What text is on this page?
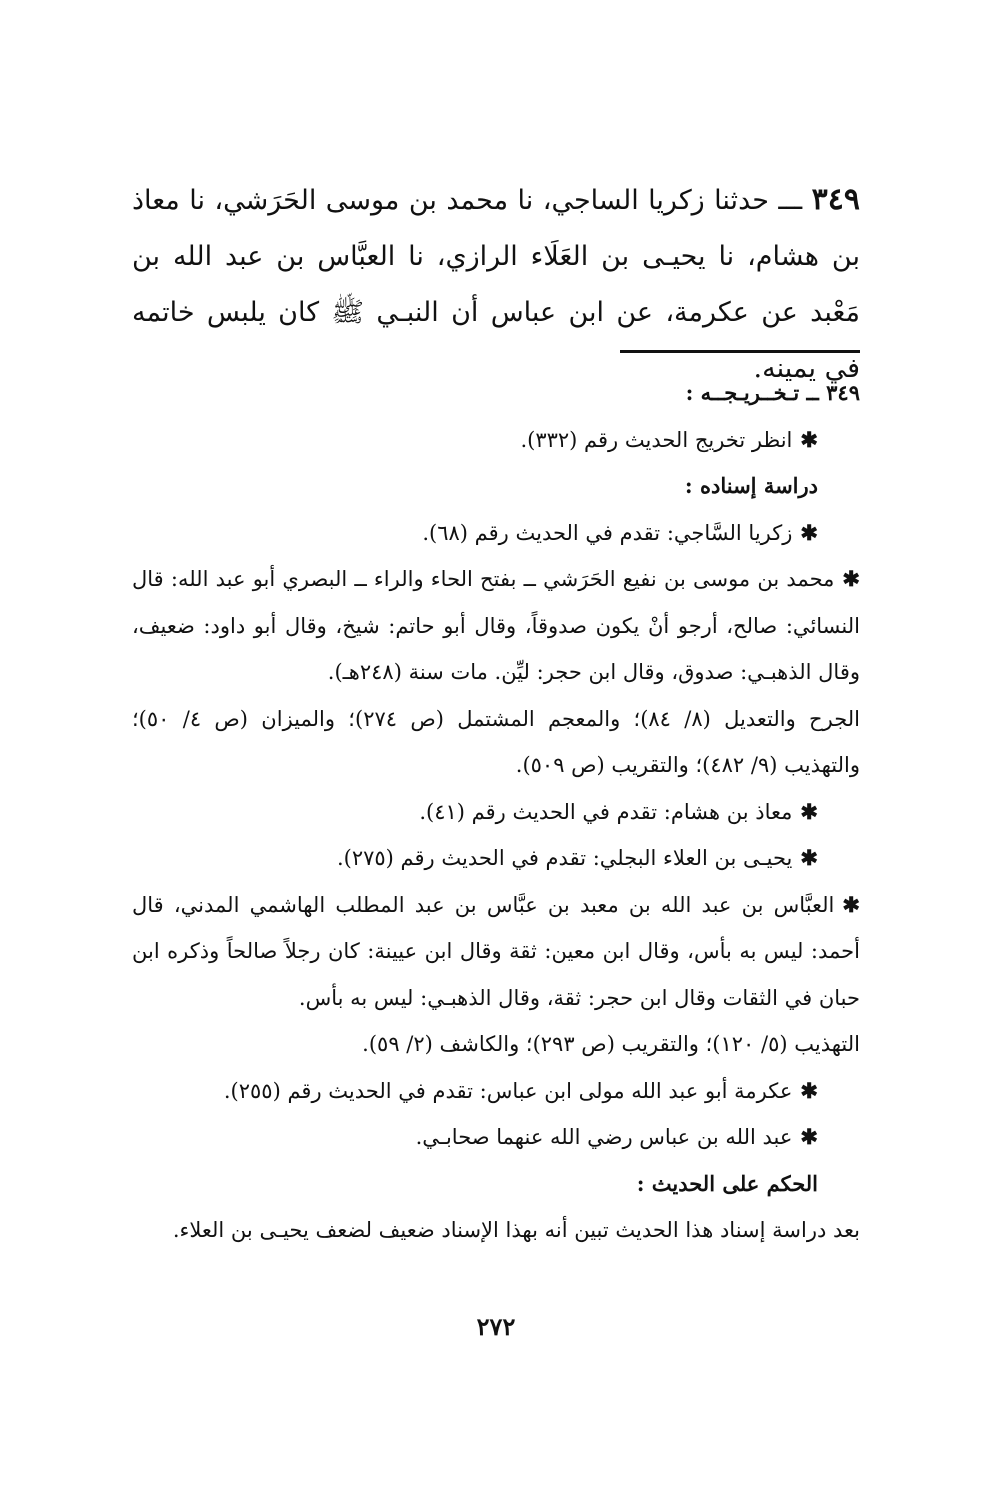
٣٤٩ ـــ حدثنا زكريا الساجي، نا محمد بن موسى الحَرَشي، نا معاذ بن هشام، نا يحيـى بن العَلَاء الرازي، نا العبَّاس بن عبد الله بن مَعْبد عن عكرمة، عن ابن عباس أن النبـي ﷺ كان يلبس خاتمه في يمينه.

٣٤٩ ــ تـخــريـجــه :

✱انظر تخريج الحديث رقم (٣٣٢).

دراسة إسناده :

✱زكريا السَّاجي: تقدم في الحديث رقم (٦٨).

✱محمد بن موسى بن نفيع الحَرَشي ــ بفتح الحاء والراء ــ البصري أبو عبد الله: قال النسائي: صالح، أرجو أنْ يكون صدوقاً، وقال أبو حاتم: شيخ، وقال أبو داود: ضعيف، وقال الذهبـي: صدوق، وقال ابن حجر: ليِّن. مات سنة (٢٤٨هـ).

الجرح والتعديل (٨/ ٨٤)؛ والمعجم المشتمل (ص ٢٧٤)؛ والميزان (ص ٤/ ٥٠)؛ والتهذيب (٩/ ٤٨٢)؛ والتقريب (ص ٥٠٩).

✱معاذ بن هشام: تقدم في الحديث رقم (٤١).

✱يحيـى بن العلاء البجلي: تقدم في الحديث رقم (٢٧٥).

✱العبَّاس بن عبد الله بن معبد بن عبَّاس بن عبد المطلب الهاشمي المدني، قال أحمد: ليس به بأس، وقال ابن معين: ثقة وقال ابن عيينة: كان رجلاً صالحاً وذكره ابن حبان في الثقات وقال ابن حجر: ثقة، وقال الذهبـي: ليس به بأس.

التهذيب (٥/ ١٢٠)؛ والتقريب (ص ٢٩٣)؛ والكاشف (٢/ ٥٩).

✱عكرمة أبو عبد الله مولى ابن عباس: تقدم في الحديث رقم (٢٥٥).

✱عبد الله بن عباس رضي الله عنهما صحابـي.

الحكم على الحديث :

بعد دراسة إسناد هذا الحديث تبين أنه بهذا الإسناد ضعيف لضعف يحيـى بن العلاء.

٢٧٢
